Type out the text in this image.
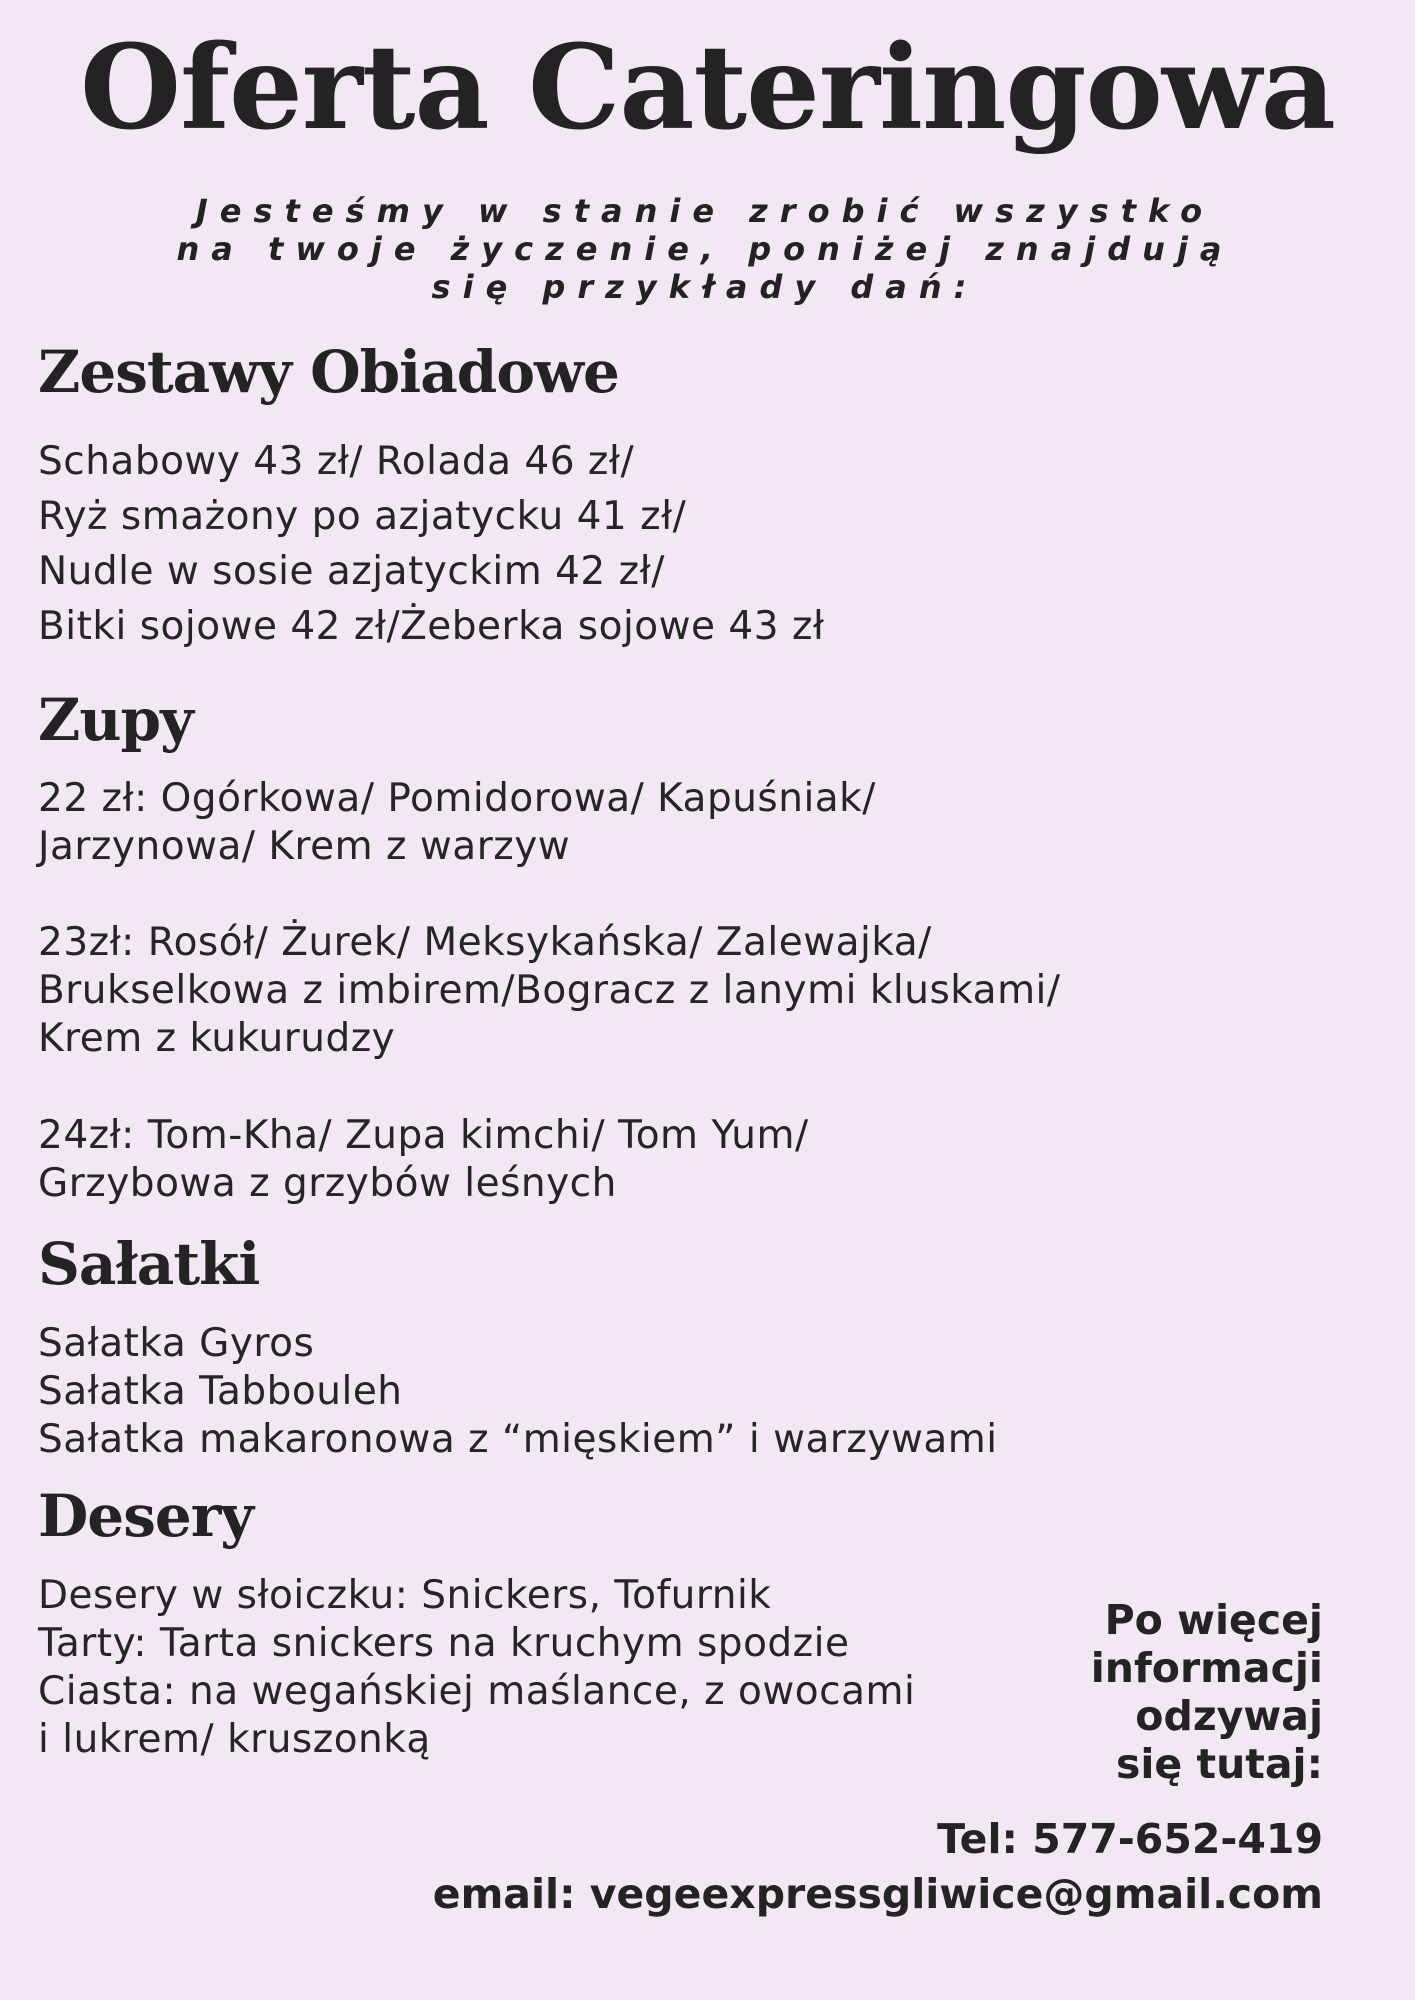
Oferta Cateringowa
Jesteśmy w stanie zrobić wszystko
na twoje życzenie, poniżej znajdują
się przykłady dań:
Zestawy Obiadowe
Schabowy 43 zł/ Rolada 46 zł/
Ryż smażony po azjatycku 41 zł/
Nudle w sosie azjatyckim 42 zł/
Bitki sojowe 42 zł/Żeberka sojowe 43 zł
Zupy
22 zł: Ogórkowa/ Pomidorowa/ Kapuśniak/
Jarzynowa/ Krem z warzyw
23zł: Rosół/ Żurek/ Meksykańska/ Zalewajka/
Brukselkowa z imbirem/Bogracz z lanymi kluskami/
Krem z kukurudzy
24zł: Tom-Kha/ Zupa kimchi/ Tom Yum/
Grzybowa z grzybów leśnych
Sałatki
Sałatka Gyros
Sałatka Tabbouleh
Sałatka makaronowa z “mięskiem” i warzywami
Desery
Desery w słoiczku: Snickers, Tofurnik
Tarty: Tarta snickers na kruchym spodzie
Ciasta: na wegańskiej maślance, z owocami
i lukrem/ kruszonką
Po więcej
informacji
odzywaj
się tutaj:
Tel: 577-652-419
email: vegeexpressgliwice@gmail.com
